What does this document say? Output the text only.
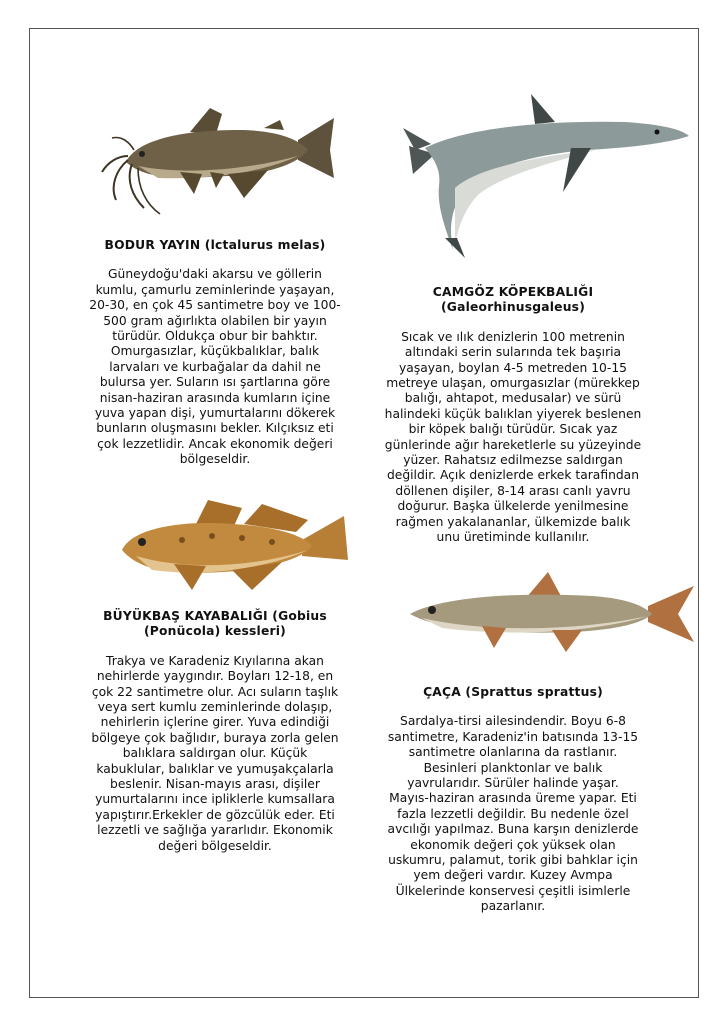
BODUR YAYIN (lctalurus melas)

Güneydoğu'daki akarsu ve göllerin
kumlu, çamurlu zeminlerinde yaşayan,
20-30, en çok 45 santimetre boy ve 100-
500 gram ağırlıkta olabilen bir yayın
türüdür. Oldukça obur bir bahktır.
Omurgasızlar, küçükbalıklar, balık
larvaları ve kurbağalar da dahil ne
bulursa yer. Suların ısı şartlarına göre
nisan-haziran arasında kumların içine
yuva yapan dişi, yumurtalarını dökerek
bunların oluşmasını bekler. Kılçıksız eti
çok lezzetlidir. Ancak ekonomik değeri
bölgeseldir.

CAMGÖZ KÖPEKBALIĞI
(Galeorhinusgaleus)

Sıcak ve ılık denizlerin 100 metrenin
altındaki serin sularında tek başıria
yaşayan, boylan 4-5 metreden 10-15
metreye ulaşan, omurgasızlar (mürekkep
balığı, ahtapot, medusalar) ve sürü
halindeki küçük balıklan yiyerek beslenen
bir köpek balığı türüdür. Sıcak yaz
günlerinde ağır hareketlerle su yüzeyinde
yüzer. Rahatsız edilmezse saldırgan
değildir. Açık denizlerde erkek tarafindan
döllenen dişiler, 8-14 arası canlı yavru
doğurur. Başka ülkelerde yenilmesine
rağmen yakalananlar, ülkemizde balık
unu üretiminde kullanılır.

BÜYÜKBAŞ KAYABALIĞI (Gobius
(Ponücola) kessleri)

Trakya ve Karadeniz Kıyılarına akan
nehirlerde yaygındır. Boyları 12-18, en
çok 22 santimetre olur. Acı suların taşlık
veya sert kumlu zeminlerinde dolaşıp,
nehirlerin içlerine girer. Yuva edindiği
bölgeye çok bağlıdır, buraya zorla gelen
balıklara saldırgan olur. Küçük
kabuklular, balıklar ve yumuşakçalarla
beslenir. Nisan-mayıs arası, dişiler
yumurtalarını ince ipliklerle kumsallara
yapıştırır.Erkekler de gözcülük eder. Eti
lezzetli ve sağlığa yararlıdır. Ekonomik
değeri bölgeseldir.

ÇAÇA (Sprattus sprattus)

Sardalya-tirsi ailesindendir. Boyu 6-8
santimetre, Karadeniz'in batısında 13-15
santimetre olanlarına da rastlanır.
Besinleri planktonlar ve balık
yavrularıdır. Sürüler halinde yaşar.
Mayıs-haziran arasında üreme yapar. Eti
fazla lezzetli değildir. Bu nedenle özel
avcılığı yapılmaz. Buna karşın denizlerde
ekonomik değeri çok yüksek olan
uskumru, palamut, torik gibi bahklar için
yem değeri vardır. Kuzey Avmpa
Ülkelerinde konservesi çeşitli isimlerle
pazarlanır.
